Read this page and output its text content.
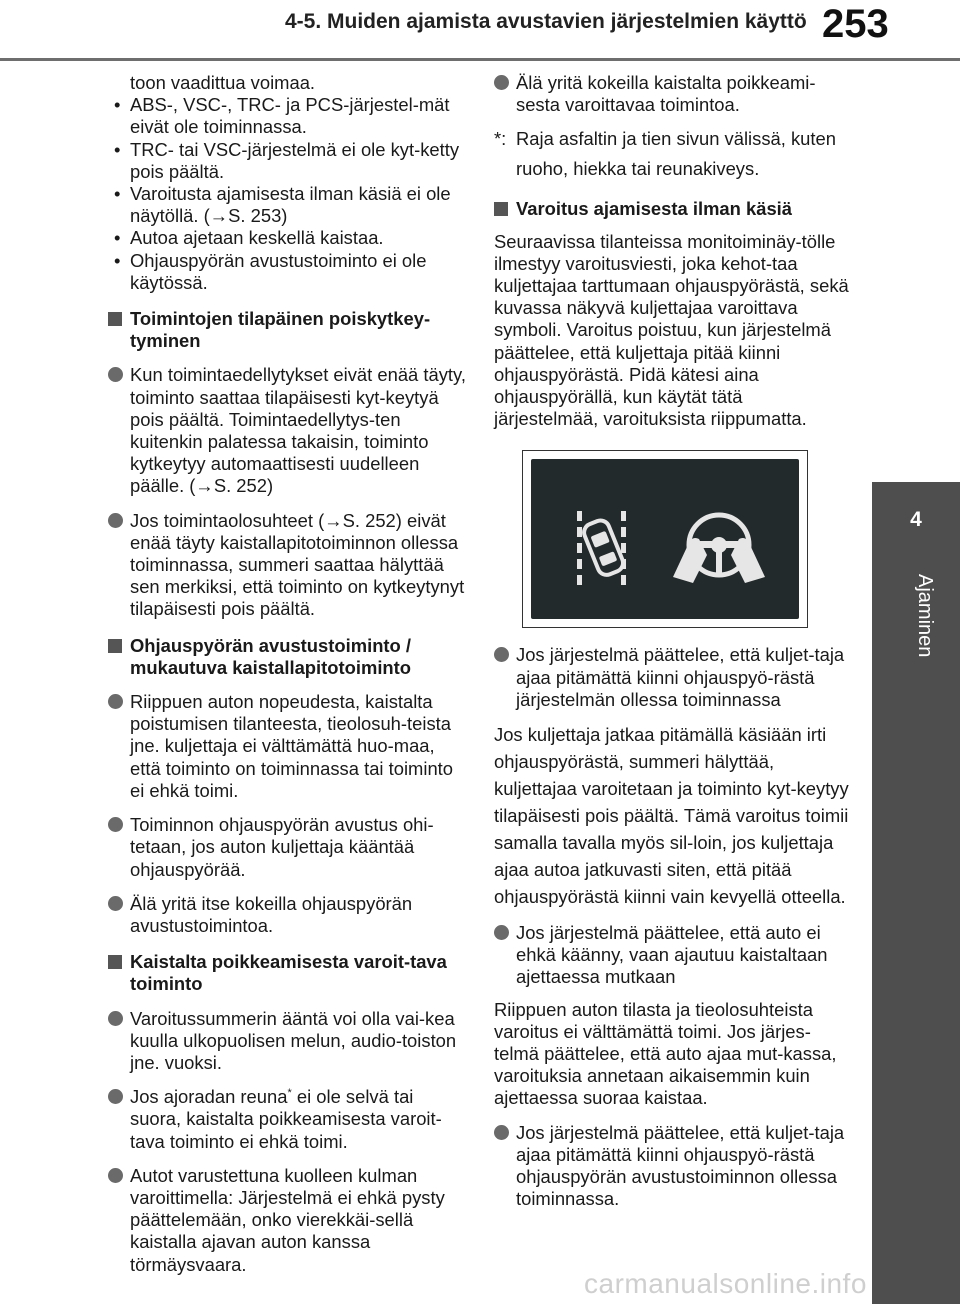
4-5. Muiden ajamista avustavien järjestelmien käyttö 253
4
Ajaminen

toon vaadittua voimaa.

• ABS-, VSC-, TRC- ja PCS-järjestel-mät eivät ole toiminnassa.
• TRC- tai VSC-järjestelmä ei ole kyt-ketty pois päältä.
• Varoitusta ajamisesta ilman käsiä ei ole näytöllä. (→S. 253)
• Autoa ajetaan keskellä kaistaa.
• Ohjauspyörän avustustoiminto ei ole käytössä.
Toimintojen tilapäinen poiskytkey-tyminen
Kun toimintaedellytykset eivät enää täyty, toiminto saattaa tilapäisesti kyt-keytyä pois päältä. Toimintaedellytys-ten kuitenkin palatessa takaisin, toiminto kytkeytyy automaattisesti uudelleen päälle. (→S. 252)
Jos toimintaolosuhteet (→S. 252) eivät enää täyty kaistallapitotoiminnon ollessa toiminnassa, summeri saattaa hälyttää sen merkiksi, että toiminto on kytkeytynyt tilapäisesti pois päältä.
Ohjauspyörän avustustoiminto / mukautuva kaistallapitotoiminto
Riippuen auton nopeudesta, kaistalta poistumisen tilanteesta, tieolosuh-teista jne. kuljettaja ei välttämättä huo-maa, että toiminto on toiminnassa tai toiminto ei ehkä toimi.
Toiminnon ohjauspyörän avustus ohi-tetaan, jos auton kuljettaja kääntää ohjauspyörää.
Älä yritä itse kokeilla ohjauspyörän avustustoimintoa.
Kaistalta poikkeamisesta varoit-tava toiminto
Varoitussummerin ääntä voi olla vai-kea kuulla ulkopuolisen melun, audio-toiston jne. vuoksi.
Jos ajoradan reuna* ei ole selvä tai suora, kaistalta poikkeamisesta varoit-tava toiminto ei ehkä toimi.
Autot varustettuna kuolleen kulman varoittimella: Järjestelmä ei ehkä pysty päättelemään, onko vierekkäi-sellä kaistalla ajavan auton kanssa törmäysvaara.
Älä yritä kokeilla kaistalta poikkeami-sesta varoittavaa toimintoa.
*: Raja asfaltin ja tien sivun välissä, kuten ruoho, hiekka tai reunakiveys.
Varoitus ajamisesta ilman käsiä
Seuraavissa tilanteissa monitoiminäy-tölle ilmestyy varoitusviesti, joka kehot-taa kuljettajaa tarttumaan ohjauspyörästä, sekä kuvassa näkyvä kuljettajaa varoittava symboli. Varoitus poistuu, kun järjestelmä päättelee, että kuljettaja pitää kiinni ohjauspyörästä. Pidä kätesi aina ohjauspyörällä, kun käytät tätä järjestelmää, varoituksista riippumatta.
Jos järjestelmä päättelee, että kuljet-taja ajaa pitämättä kiinni ohjauspyö-rästä järjestelmän ollessa toiminnassa
Jos kuljettaja jatkaa pitämällä käsiään irti ohjauspyörästä, summeri hälyttää, kuljettajaa varoitetaan ja toiminto kyt-keytyy tilapäisesti pois päältä. Tämä varoitus toimii samalla tavalla myös sil-loin, jos kuljettaja ajaa autoa jatkuvasti siten, että pitää ohjauspyörästä kiinni vain kevyellä otteella.
Jos järjestelmä päättelee, että auto ei ehkä käänny, vaan ajautuu kaistaltaan ajettaessa mutkaan
Riippuen auton tilasta ja tieolosuhteista varoitus ei välttämättä toimi. Jos järjes-telmä päättelee, että auto ajaa mut-kassa, varoituksia annetaan aikaisemmin kuin ajettaessa suoraa kaistaa.
Jos järjestelmä päättelee, että kuljet-taja ajaa pitämättä kiinni ohjauspyö-rästä ohjauspyörän avustustoiminnon ollessa toiminnassa.
carmanualsonline.info
